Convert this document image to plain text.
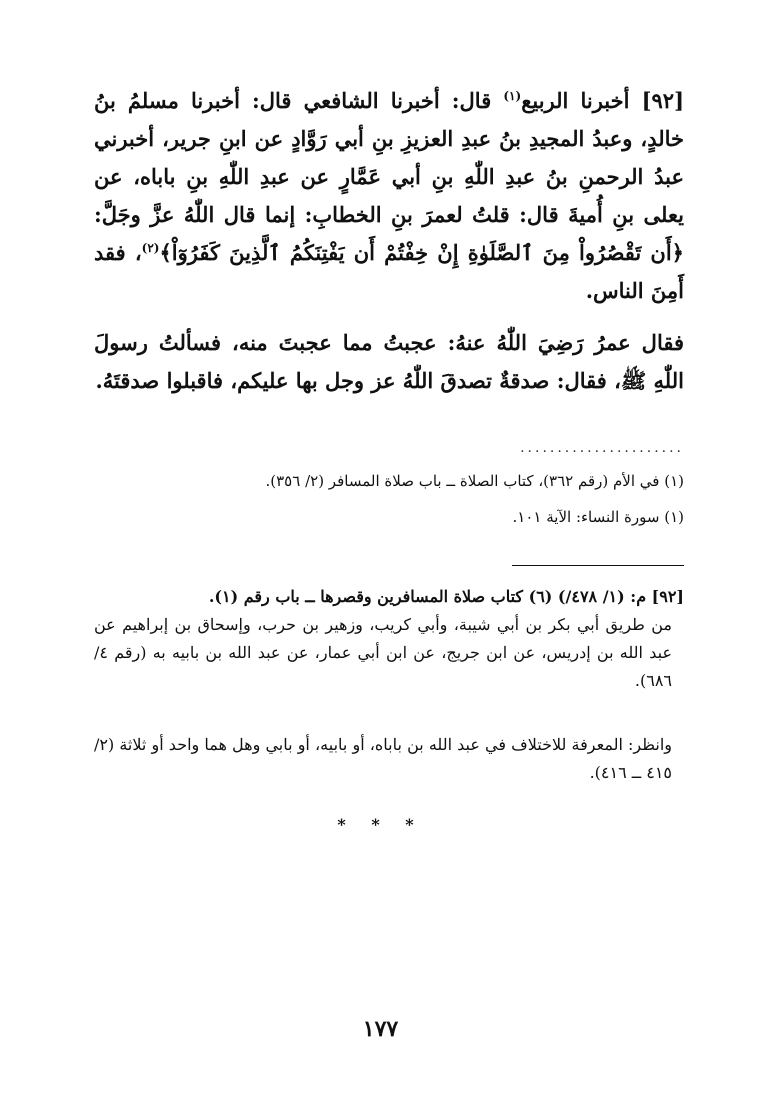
[٩٢] أخبرنا الربيع$^{(١)}$ قال: أخبرنا الشافعي قال: أخبرنا مسلمُ بنُ خالدٍ، وعبدُ المجيدِ بنُ عبدِ العزيزِ بنِ أبي رَوَّادٍ عن ابنِ جرير، أخبرني عبدُ الرحمنِ بنُ عبدِ اللّٰهِ بنِ أبي عَمَّارٍ عن عبدِ اللّٰهِ بنِ باباه، عن يعلى بنِ أُميةَ قال: قلتُ لعمرَ بنِ الخطابِ: إنما قال اللّٰهُ عزَّ وجَلَّ: ﴿أَن تَقْصُرُواْ مِنَ ٱلصَّلَوٰةِ إِنْ خِفْتُمْ أَن يَفْتِنَكُمُ ٱلَّذِينَ كَفَرُوٓاْ﴾$^{(٢)}$، فقد أَمِنَ الناس.

فقال عمرُ رَضِيَ اللّٰهُ عنهُ: عجبتُ مما عجبتَ منه، فسألتُ رسولَ اللّٰهِ ﷺ، فقال: صدقةٌ تصدقَ اللّٰهُ عز وجل بها عليكم، فاقبلوا صدقتَهُ.

......................
(١) في الأم (رقم ٣٦٢)، كتاب الصلاة ــ باب صلاة المسافر (٢/ ٣٥٦).
(١) سورة النساء: الآية ١٠١.

[٩٢] م: (١/ ٤٧٨/) (٦) كتاب صلاة المسافرين وقصرها ــ باب رقم (١).

من طريق أبي بكر بن أبي شيبة، وأبي كريب، وزهير بن حرب، وإسحاق بن إبراهيم عن عبد الله بن إدريس، عن ابن جريج، عن ابن أبي عمار، عن عبد الله بن بابيه به (رقم ٤/ ٦٨٦).

وانظر: المعرفة للاختلاف في عبد الله بن باباه، أو بابيه، أو بابي وهل هما واحد أو ثلاثة (٢/ ٤١٥ ــ ٤١٦).
* * *
١٧٧
